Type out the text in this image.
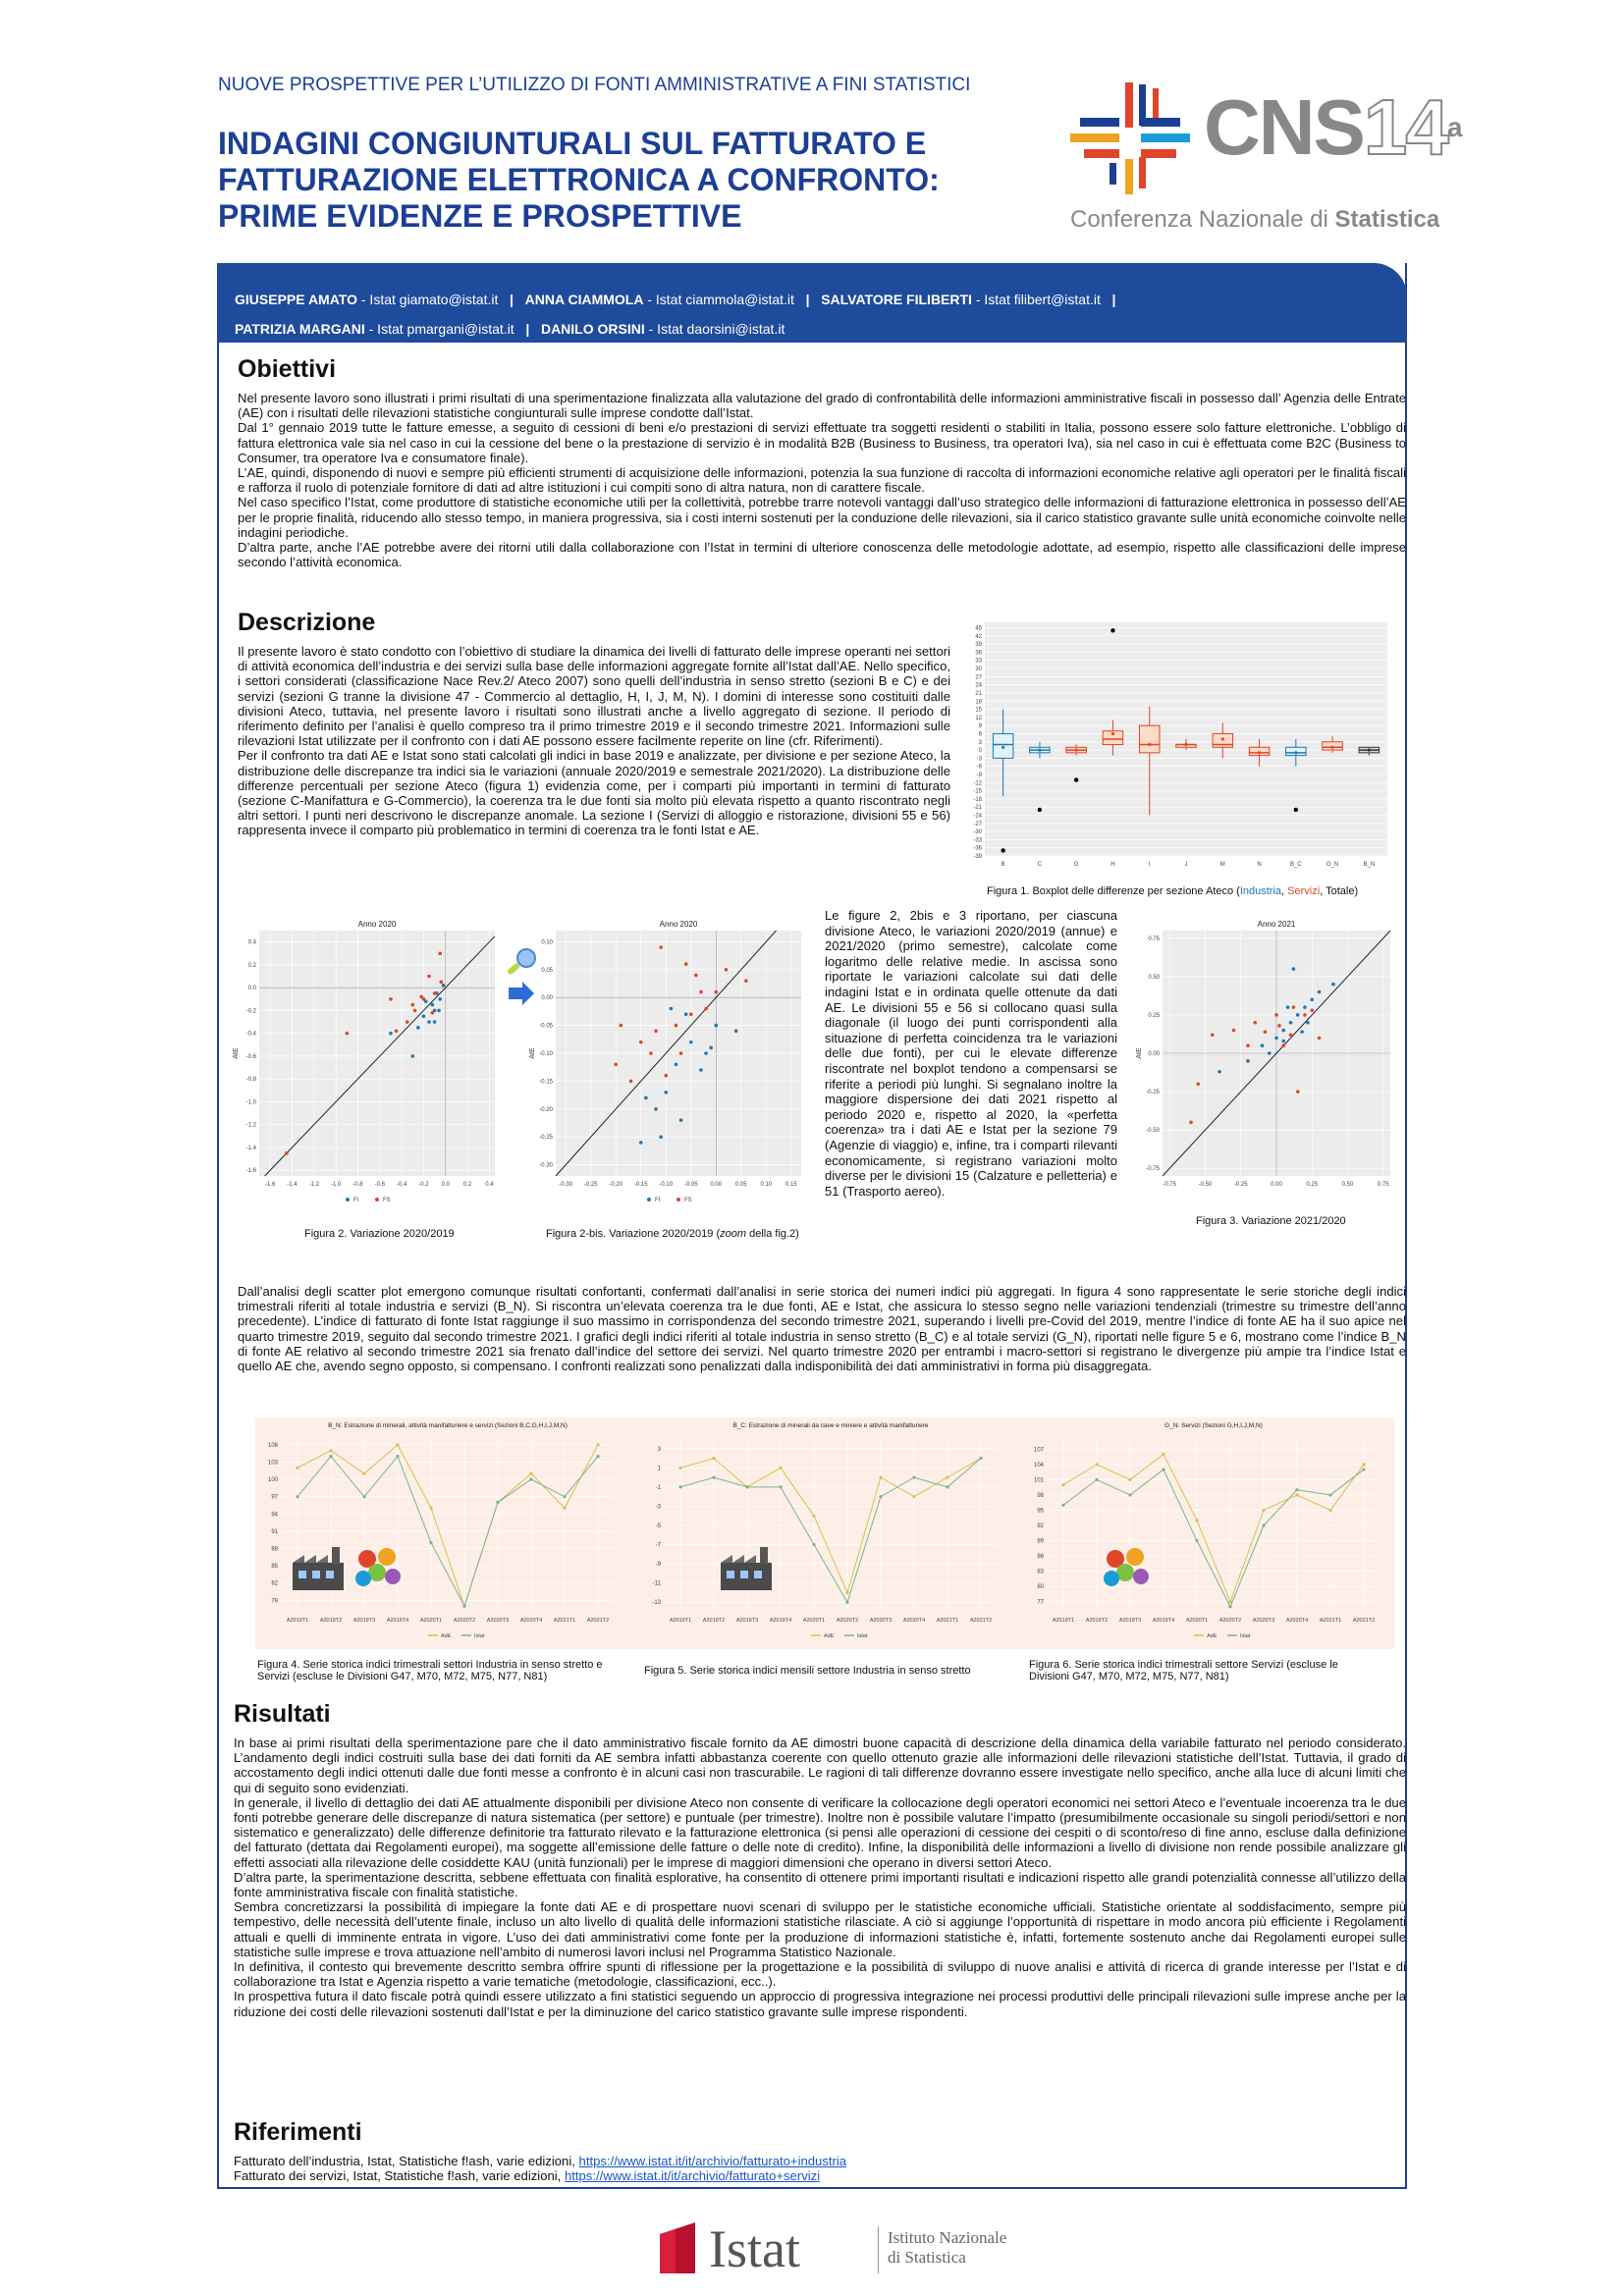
NUOVE PROSPETTIVE PER L’UTILIZZO DI FONTI AMMINISTRATIVE A FINI STATISTICI
INDAGINI CONGIUNTURALI SUL FATTURATO E
FATTURAZIONE ELETTRONICA A CONFRONTO:
PRIME EVIDENZE E PROSPETTIVE
CNS14$^a$
Conferenza Nazionale di Statistica
GIUSEPPE AMATO - Istat giamato@istat.it | ANNA CIAMMOLA - Istat ciammola@istat.it | SALVATORE FILIBERTI - Istat filibert@istat.it |
PATRIZIA MARGANI - Istat pmargani@istat.it | DANILO ORSINI - Istat daorsini@istat.it
Obiettivi

Nel presente lavoro sono illustrati i primi risultati di una sperimentazione finalizzata alla valutazione del grado di confrontabilità delle informazioni amministrative fiscali in possesso dall’ Agenzia delle Entrate (AE) con i risultati delle rilevazioni statistiche congiunturali sulle imprese condotte dall’Istat.

Dal 1° gennaio 2019 tutte le fatture emesse, a seguito di cessioni di beni e/o prestazioni di servizi effettuate tra soggetti residenti o stabiliti in Italia, possono essere solo fatture elettroniche. L’obbligo di fattura elettronica vale sia nel caso in cui la cessione del bene o la prestazione di servizio è in modalità B2B (Business to Business, tra operatori Iva), sia nel caso in cui è effettuata come B2C (Business to Consumer, tra operatore Iva e consumatore finale).

L’AE, quindi, disponendo di nuovi e sempre più efficienti strumenti di acquisizione delle informazioni, potenzia la sua funzione di raccolta di informazioni economiche relative agli operatori per le finalità fiscali e rafforza il ruolo di potenziale fornitore di dati ad altre istituzioni i cui compiti sono di altra natura, non di carattere fiscale.

Nel caso specifico l’Istat, come produttore di statistiche economiche utili per la collettività, potrebbe trarre notevoli vantaggi dall’uso strategico delle informazioni di fatturazione elettronica in possesso dell’AE per le proprie finalità, riducendo allo stesso tempo, in maniera progressiva, sia i costi interni sostenuti per la conduzione delle rilevazioni, sia il carico statistico gravante sulle unità economiche coinvolte nelle indagini periodiche.

D’altra parte, anche l’AE potrebbe avere dei ritorni utili dalla collaborazione con l’Istat in termini di ulteriore conoscenza delle metodologie adottate, ad esempio, rispetto alle classificazioni delle imprese secondo l’attività economica.

Descrizione

Il presente lavoro è stato condotto con l’obiettivo di studiare la dinamica dei livelli di fatturato delle imprese operanti nei settori di attività economica dell’industria e dei servizi sulla base delle informazioni aggregate fornite all’Istat dall’AE. Nello specifico, i settori considerati (classificazione Nace Rev.2/ Ateco 2007) sono quelli dell’industria in senso stretto (sezioni B e C) e dei servizi (sezioni G tranne la divisione 47 - Commercio al dettaglio, H, I, J, M, N). I domini di interesse sono costituiti dalle divisioni Ateco, tuttavia, nel presente lavoro i risultati sono illustrati anche a livello aggregato di sezione. Il periodo di riferimento definito per l’analisi è quello compreso tra il primo trimestre 2019 e il secondo trimestre 2021. Informazioni sulle rilevazioni Istat utilizzate per il confronto con i dati AE possono essere facilmente reperite on line (cfr. Riferimenti).

Per il confronto tra dati AE e Istat sono stati calcolati gli indici in base 2019 e analizzate, per divisione e per sezione Ateco, la distribuzione delle discrepanze tra indici sia le variazioni (annuale 2020/2019 e semestrale 2021/2020). La distribuzione delle differenze percentuali per sezione Ateco (figura 1) evidenzia come, per i comparti più importanti in termini di fatturato (sezione C-Manifattura e G-Commercio), la coerenza tra le due fonti sia molto più elevata rispetto a quanto riscontrato negli altri settori. I punti neri descrivono le discrepanze anomale. La sezione I (Servizi di alloggio e ristorazione, divisioni 55 e 56) rappresenta invece il comparto più problematico in termini di coerenza tra le fonti Istat e AE.

45
42
39
36
33
30
27
24
21
18
15
12
9
6
3
0
-3
-6
-9
-12
-15
-18
-21
-24
-27
-30
-33
-36
-39
B	C	G	H	I	J	M	N	B_C	G_N	B_N
Figura 1. Boxplot delle differenze per sezione Ateco (Industria, Servizi, Totale)
Anno 2020
-1.6 -1.4 -1.2 -1.0 -0.8 -0.6 -0.4 -0.2 0.0 0.2 0.4
0.4
0.2
0.0
-0.2
-0.4
-0.6
-0.8
-1.0
-1.2
-1.4
-1.6
AtE
FI	FS
Anno 2020
-0.30 -0.25 -0.20 -0.15 -0.10 -0.05 0.00 0.05 0.10 0.15
0.10
0.05
0.00
-0.05
-0.10
-0.15
-0.20
-0.25
-0.30
AtE
FI	FS
Figura 2. Variazione 2020/2019	Figura 2-bis. Variazione 2020/2019 (zoom della fig.2)
Le figure 2, 2bis e 3 riportano, per ciascuna divisione Ateco, le variazioni 2020/2019 (annue) e 2021/2020 (primo semestre), calcolate come logaritmo delle relative medie. In ascissa sono riportate le variazioni calcolate sui dati delle indagini Istat e in ordinata quelle ottenute da dati AE. Le divisioni 55 e 56 si collocano quasi sulla diagonale (il luogo dei punti corrispondenti alla situazione di perfetta coincidenza tra le variazioni delle due fonti), per cui le elevate differenze riscontrate nel boxplot tendono a compensarsi se riferite a periodi più lunghi. Si segnalano inoltre la maggiore dispersione dei dati 2021 rispetto al periodo 2020 e, rispetto al 2020, la «perfetta coerenza» tra i dati AE e Istat per la sezione 79 (Agenzie di viaggio) e, infine, tra i comparti rilevanti economicamente, si registrano variazioni molto diverse per le divisioni 15 (Calzature e pelletteria) e 51 (Trasporto aereo).
Anno 2021
-0.75	-0.50	-0.25	0.00	0.25	0.50	0.75
0.75
0.50
0.25
0.00
-0.25
-0.50
-0.75
AtE
Figura 3. Variazione 2021/2020
Dall’analisi degli scatter plot emergono comunque risultati confortanti, confermati dall’analisi in serie storica dei numeri indici più aggregati. In figura 4 sono rappresentate le serie storiche degli indici trimestrali riferiti al totale industria e servizi (B_N). Si riscontra un’elevata coerenza tra le due fonti, AE e Istat, che assicura lo stesso segno nelle variazioni tendenziali (trimestre su trimestre dell’anno precedente). L’indice di fatturato di fonte Istat raggiunge il suo massimo in corrispondenza del secondo trimestre 2021, superando i livelli pre-Covid del 2019, mentre l’indice di fonte AE ha il suo apice nel quarto trimestre 2019, seguito dal secondo trimestre 2021. I grafici degli indici riferiti al totale industria in senso stretto (B_C) e al totale servizi (G_N), riportati nelle figure 5 e 6, mostrano come l’indice B_N di fonte AE relativo al secondo trimestre 2021 sia frenato dall’indice del settore dei servizi. Nel quarto trimestre 2020 per entrambi i macro-settori si registrano le divergenze più ampie tra l’indice Istat e quello AE che, avendo segno opposto, si compensano. I confronti realizzati sono penalizzati dalla indisponibilità dei dati amministrativi in forma più disaggregata.
B_N: Estrazione di minerali, attività manifatturiere e servizi (Sezioni B,C,G,H,I,J,M,N)
106
103
100
97
94
91
88
85
82
79
A2019T1 A2019T2 A2019T3 A2019T4 A2020T1 A2020T2 A2020T3 A2020T4 A2021T1 A2021T2
AdE	Istat
B_C: Estrazione di minerali da cave e miniere e attività manifatturiere
3
1
-1
-3
-5
-7
-9
-11
-13
A2019T1 A2019T2 A2019T3 A2019T4 A2020T1 A2020T2 A2020T3 A2020T4 A2021T1 A2021T2
AdE	Istat
G_N: Servizi (Sezioni G,H,I,J,M,N)
107
104
101
98
95
92
89
86
83
80
77
A2019T1 A2019T2 A2019T3 A2019T4 A2020T1 A2020T2 A2020T3 A2020T4 A2021T1 A2021T2
AdE	Istat
Figura 4. Serie storica indici trimestrali settori Industria in senso stretto e Servizi (escluse le Divisioni G47, M70, M72, M75, N77, N81)	Figura 5. Serie storica indici mensili settore Industria in senso stretto	Figura 6. Serie storica indici trimestrali settore Servizi (escluse le Divisioni G47, M70, M72, M75, N77, N81)
Risultati

In base ai primi risultati della sperimentazione pare che il dato amministrativo fiscale fornito da AE dimostri buone capacità di descrizione della dinamica della variabile fatturato nel periodo considerato. L’andamento degli indici costruiti sulla base dei dati forniti da AE sembra infatti abbastanza coerente con quello ottenuto grazie alle informazioni delle rilevazioni statistiche dell’Istat. Tuttavia, il grado di accostamento degli indici ottenuti dalle due fonti messe a confronto è in alcuni casi non trascurabile. Le ragioni di tali differenze dovranno essere investigate nello specifico, anche alla luce di alcuni limiti che qui di seguito sono evidenziati.

In generale, il livello di dettaglio dei dati AE attualmente disponibili per divisione Ateco non consente di verificare la collocazione degli operatori economici nei settori Ateco e l’eventuale incoerenza tra le due fonti potrebbe generare delle discrepanze di natura sistematica (per settore) e puntuale (per trimestre). Inoltre non è possibile valutare l’impatto (presumibilmente occasionale su singoli periodi/settori e non sistematico e generalizzato) delle differenze definitorie tra fatturato rilevato e la fatturazione elettronica (si pensi alle operazioni di cessione dei cespiti o di sconto/reso di fine anno, escluse dalla definizione del fatturato (dettata dai Regolamenti europei), ma soggette all’emissione delle fatture o delle note di credito). Infine, la disponibilità delle informazioni a livello di divisione non rende possibile analizzare gli effetti associati alla rilevazione delle cosiddette KAU (unità funzionali) per le imprese di maggiori dimensioni che operano in diversi settori Ateco.

D’altra parte, la sperimentazione descritta, sebbene effettuata con finalità esplorative, ha consentito di ottenere primi importanti risultati e indicazioni rispetto alle grandi potenzialità connesse all’utilizzo della fonte amministrativa fiscale con finalità statistiche.

Sembra concretizzarsi la possibilità di impiegare la fonte dati AE e di prospettare nuovi scenari di sviluppo per le statistiche economiche ufficiali. Statistiche orientate al soddisfacimento, sempre più tempestivo, delle necessità dell’utente finale, incluso un alto livello di qualità delle informazioni statistiche rilasciate. A ciò si aggiunge l’opportunità di rispettare in modo ancora più efficiente i Regolamenti attuali e quelli di imminente entrata in vigore. L’uso dei dati amministrativi come fonte per la produzione di informazioni statistiche è, infatti, fortemente sostenuto anche dai Regolamenti europei sulle statistiche sulle imprese e trova attuazione nell’ambito di numerosi lavori inclusi nel Programma Statistico Nazionale.

In definitiva, il contesto qui brevemente descritto sembra offrire spunti di riflessione per la progettazione e la possibilità di sviluppo di nuove analisi e attività di ricerca di grande interesse per l’Istat e di collaborazione tra Istat e Agenzia rispetto a varie tematiche (metodologie, classificazioni, ecc..).

In prospettiva futura il dato fiscale potrà quindi essere utilizzato a fini statistici seguendo un approccio di progressiva integrazione nei processi produttivi delle principali rilevazioni sulle imprese anche per la riduzione dei costi delle rilevazioni sostenuti dall’Istat e per la diminuzione del carico statistico gravante sulle imprese rispondenti.

Riferimenti
Fatturato dell’industria, Istat, Statistiche f!ash, varie edizioni, https://www.istat.it/it/archivio/fatturato+industria
Fatturato dei servizi, Istat, Statistiche f!ash, varie edizioni, https://www.istat.it/it/archivio/fatturato+servizi
Istat	Istituto Nazionale
di Statistica
